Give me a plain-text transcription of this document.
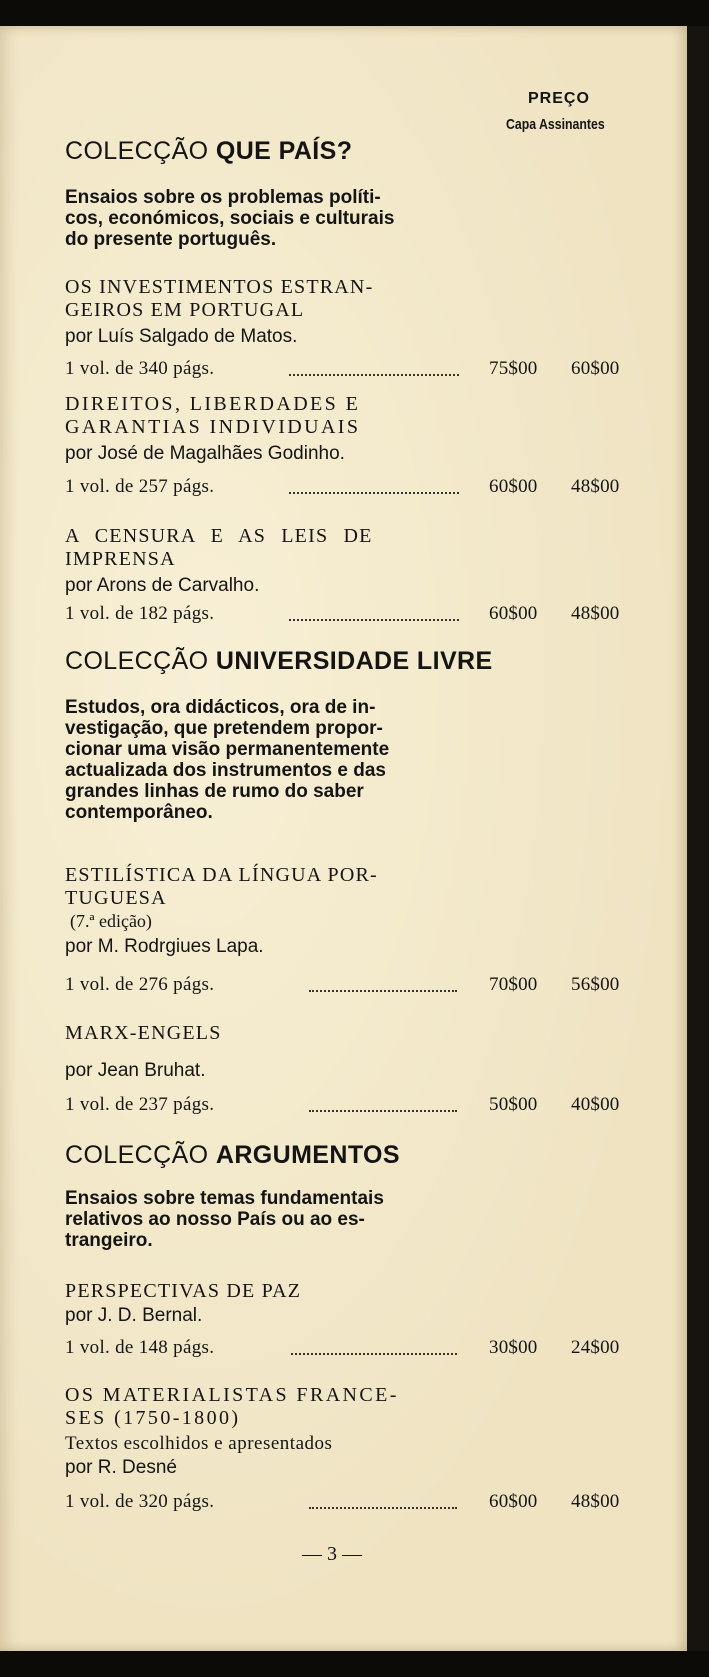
PREÇO
Capa Assinantes
COLECÇÃO QUE PAÍS?
Ensaios sobre os problemas políti-
cos, económicos, sociais e culturais
do presente português.
OS INVESTIMENTOS ESTRAN-
GEIROS EM PORTUGAL
por Luís Salgado de Matos.
1 vol. de 340 págs.	75$00 60$00
DIREITOS, LIBERDADES E
GARANTIAS INDIVIDUAIS
por José de Magalhães Godinho.
1 vol. de 257 págs.	60$00 48$00
A CENSURA E AS LEIS DE
IMPRENSA
por Arons de Carvalho.
1 vol. de 182 págs.	60$00 48$00
COLECÇÃO UNIVERSIDADE LIVRE
Estudos, ora didácticos, ora de in-
vestigação, que pretendem propor-
cionar uma visão permanentemente
actualizada dos instrumentos e das
grandes linhas de rumo do saber
contemporâneo.
ESTILÍSTICA DA LÍNGUA POR-
TUGUESA
(7.ª edição)
por M. Rodrgiues Lapa.
1 vol. de 276 págs.	70$00 56$00
MARX-ENGELS
por Jean Bruhat.
1 vol. de 237 págs.	50$00 40$00
COLECÇÃO ARGUMENTOS
Ensaios sobre temas fundamentais
relativos ao nosso País ou ao es-
trangeiro.
PERSPECTIVAS DE PAZ
por J. D. Bernal.
1 vol. de 148 págs.	30$00 24$00
OS MATERIALISTAS FRANCE-
SES (1750-1800)
Textos escolhidos e apresentados
por R. Desné
1 vol. de 320 págs.	60$00 48$00
— 3 —
